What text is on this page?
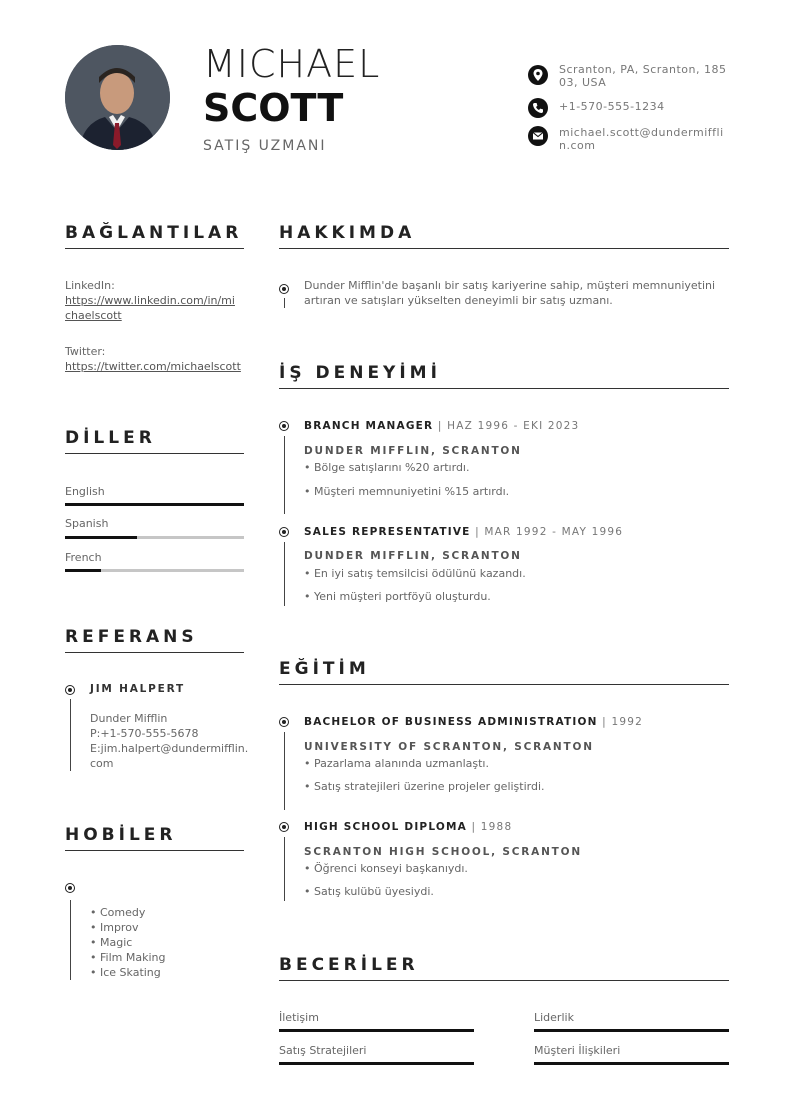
MICHAEL
SCOTT
SATIŞ UZMANI
Scranton, PA, Scranton, 18503, USA
+1-570-555-1234
michael.scott@dundermifflin.com
BAĞLANTILAR
LinkedIn:
https://www.linkedin.com/in/mi
chaelscott
Twitter:
https://twitter.com/michaelscott
DİLLER
English
Spanish
French
REFERANS
JIM HALPERT
Dunder Mifflin
P:+1-570-555-5678
E:jim.halpert@dundermifflin.
com
HOBİLER
• Comedy
• Improv
• Magic
• Film Making
• Ice Skating
HAKKIMDA
Dunder Mifflin'de başanlı bir satış kariyerine sahip, müşteri memnuniyetini
artıran ve satışları yükselten deneyimli bir satış uzmanı.
İŞ DENEYİMİ
BRANCH MANAGER | HAZ 1996 - EKI 2023
DUNDER MIFFLIN, SCRANTON
• Bölge satışlarını %20 artırdı.
• Müşteri memnuniyetini %15 artırdı.
SALES REPRESENTATIVE | MAR 1992 - MAY 1996
DUNDER MIFFLIN, SCRANTON
• En iyi satış temsilcisi ödülünü kazandı.
• Yeni müşteri portföyü oluşturdu.
EĞİTİM
BACHELOR OF BUSINESS ADMINISTRATION | 1992
UNIVERSITY OF SCRANTON, SCRANTON
• Pazarlama alanında uzmanlaştı.
• Satış stratejileri üzerine projeler geliştirdi.
HIGH SCHOOL DIPLOMA | 1988
SCRANTON HIGH SCHOOL, SCRANTON
• Öğrenci konseyi başkanıydı.
• Satış kulübü üyesiydi.
BECERİLER
İletişim	Liderlik
Satış Stratejileri	Müşteri İlişkileri
